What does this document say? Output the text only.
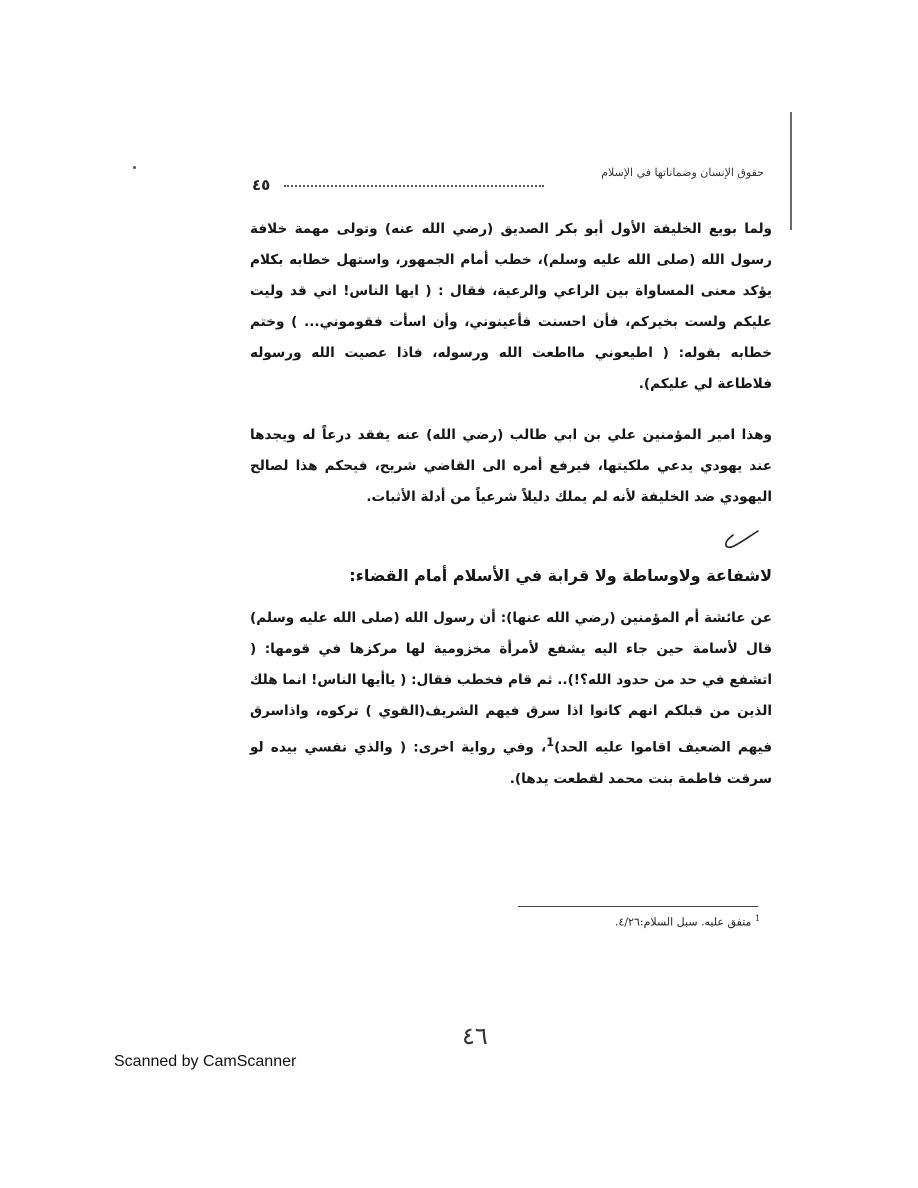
حقوق الإنسان وضماناتها في الإسلام
٤٥

ولما بويع الخليفة الأول أبو بكر الصديق (رضي الله عنه) وتولى مهمة خلافة رسول الله (صلى الله عليه وسلم)، خطب أمام الجمهور، واستهل خطابه بكلام يؤكد معنى المساواة بين الراعي والرعية، فقال : ( ايها الناس! اني قد وليت عليكم ولست بخيركم، فأن احسنت فأعينوني، وأن اسأت فقوموني... ) وختم خطابه بقوله: ( اطيعوني مااطعت الله ورسوله، فاذا عصيت الله ورسوله فلاطاعة لي عليكم).

وهذا امير المؤمنين علي بن ابي طالب (رضي الله) عنه يفقد درعاً له ويجدها عند يهودي يدعي ملكيتها، فيرفع أمره الى القاضي شريح، فيحكم هذا لصالح اليهودي ضد الخليفة لأنه لم يملك دليلاً شرعياً من أدلة الأثبات.

لاشفاعة ولاوساطة ولا قرابة في الأسلام أمام القضاء:

عن عائشة أم المؤمنين (رضي الله عنها): أن رسول الله (صلى الله عليه وسلم) قال لأسامة حين جاء اليه يشفع لأمرأة مخزومية لها مركزها في قومها: ( اتشفع في حد من حدود الله؟!).. ثم قام فخطب فقال: ( ياأيها الناس! انما هلك الذين من قبلكم انهم كانوا اذا سرق فيهم الشريف(القوي ) تركوه، واذاسرق فيهم الضعيف اقاموا عليه الحد)$^1$، وفي رواية اخرى: ( والذي نفسي بيده لو سرقت فاطمة بنت محمد لقطعت يدها).

$^1$ متفق عليه. سبل السلام:٤/٢٦.
٤٦
Scanned by CamScanner
